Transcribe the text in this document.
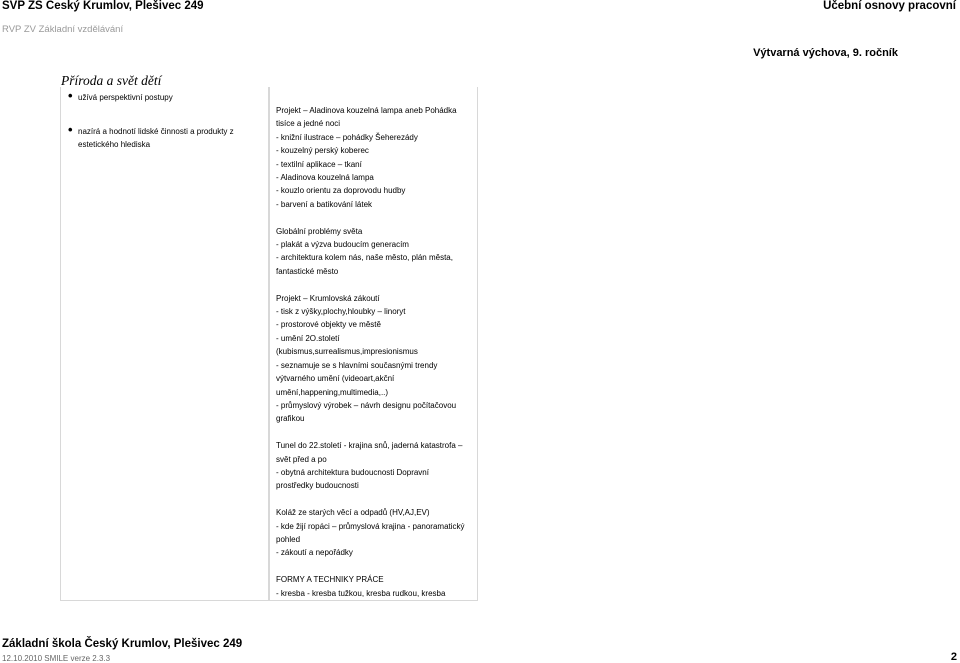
ŠVP ZŠ Český Krumlov, Plešivec 249	Učební osnovy pracovní
RVP ZV Základní vzdělávání
Výtvarná výchova, 9. ročník
Příroda a svět dětí
• užívá perspektivní postupy
• nazírá a hodnotí lidské činnosti a produkty z
estetického hlediska
Projekt – Aladinova kouzelná lampa aneb Pohádka
tisíce a jedné noci
- knižní ilustrace – pohádky Šeherezády
- kouzelný perský koberec
- textilní aplikace – tkaní
- Aladinova kouzelná lampa
- kouzlo orientu za doprovodu hudby
- barvení a batikování látek
Globální problémy světa
- plakát a výzva budoucím generacím
- architektura kolem nás, naše město, plán města,
fantastické město
Projekt – Krumlovská zákoutí
- tisk z výšky,plochy,hloubky – linoryt
- prostorové objekty ve městě
- umění 2O.století
(kubismus,surrealismus,impresionismus
- seznamuje se s hlavními současnými trendy
výtvarného umění (videoart,akční
umění,happening,multimedia,..)
- průmyslový výrobek – návrh designu počítačovou
grafikou
Tunel do 22.století - krajina snů, jaderná katastrofa –
svět před a po
- obytná architektura budoucnosti Dopravní
prostředky budoucnosti
Koláž ze starých věcí a odpadů (HV,AJ,EV)
- kde žijí ropáci – průmyslová krajina - panoramatický
pohled
- zákoutí a nepořádky
FORMY A TECHNIKY PRÁCE
- kresba - kresba tužkou, kresba rudkou, kresba
Základní škola Český Krumlov, Plešivec 249
12.10.2010 SMILE verze 2.3.3	2
